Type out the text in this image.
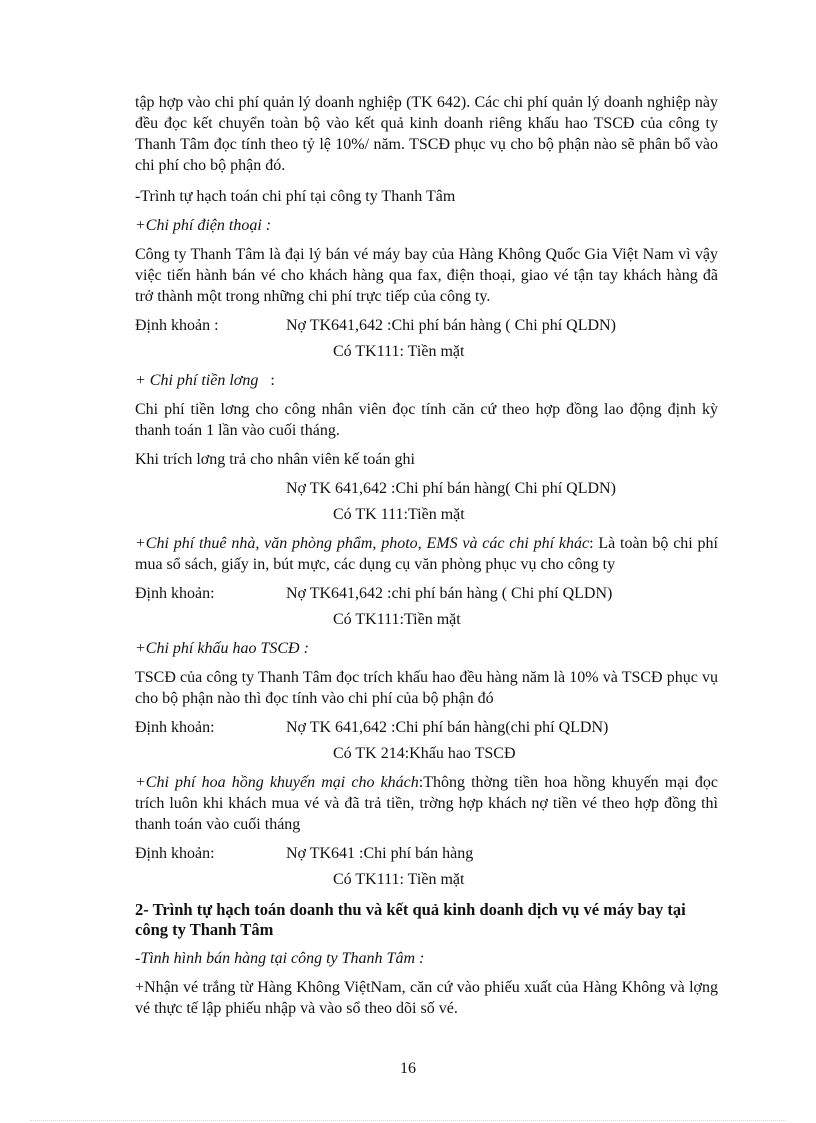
tập hợp vào chi phí quản lý doanh nghiệp (TK 642). Các chi phí quản lý doanh nghiệp này đều đọc kết chuyển toàn bộ vào kết quả kinh doanh riêng khấu hao TSCĐ của công ty Thanh Tâm đọc tính theo tỷ lệ 10%/ năm. TSCĐ phục vụ cho bộ phận nào sẽ phân bổ vào chi phí cho bộ phận đó.

-Trình tự hạch toán chi phí tại công ty Thanh Tâm

+Chi phí điện thoại :

Công ty Thanh Tâm là đại lý bán vé máy bay của Hàng Không Quốc Gia Việt Nam vì vậy việc tiến hành bán vé cho khách hàng qua fax, điện thoại, giao vé tận tay khách hàng đã trở thành một trong những chi phí trực tiếp của công ty.

Định khoản :	Nợ TK641,642 :Chi phí bán hàng ( Chi phí QLDN)
Có TK111: Tiền mặt

+ Chi phí tiền lơng :

Chi phí tiền lơng cho công nhân viên đọc tính căn cứ theo hợp đồng lao động định kỳ thanh toán 1 lần vào cuối tháng.

Khi trích lơng trả cho nhân viên kế toán ghi

Nợ TK 641,642 :Chi phí bán hàng( Chi phí QLDN)
Có TK 111:Tiền mặt

+Chi phí thuê nhà, văn phòng phẩm, photo, EMS và các chi phí khác: Là toàn bộ chi phí mua sổ sách, giấy in, bút mực, các dụng cụ văn phòng phục vụ cho công ty

Định khoản:	Nợ TK641,642 :chi phí bán hàng ( Chi phí QLDN)
Có TK111:Tiền mặt

+Chi phí khấu hao TSCĐ :

TSCĐ của công ty Thanh Tâm đọc trích khấu hao đều hàng năm là 10% và TSCĐ phục vụ cho bộ phận nào thì đọc tính vào chi phí của bộ phận đó

Định khoản:	Nợ TK 641,642 :Chi phí bán hàng(chi phí QLDN)
Có TK 214:Khấu hao TSCĐ

+Chi phí hoa hồng khuyến mại cho khách:Thông thờng tiền hoa hồng khuyến mại đọc trích luôn khi khách mua vé và đã trả tiền, trờng hợp khách nợ tiền vé theo hợp đồng thì thanh toán vào cuối tháng

Định khoản:	Nợ TK641 :Chi phí bán hàng
Có TK111: Tiền mặt

2- Trình tự hạch toán doanh thu và kết quả kinh doanh dịch vụ vé máy bay tại công ty Thanh Tâm

-Tình hình bán hàng tại công ty Thanh Tâm :

+Nhận vé trắng từ Hàng Không ViệtNam, căn cứ vào phiếu xuất của Hàng Không và lợng vé thực tế lập phiếu nhập và vào sổ theo dõi số vé.

16
